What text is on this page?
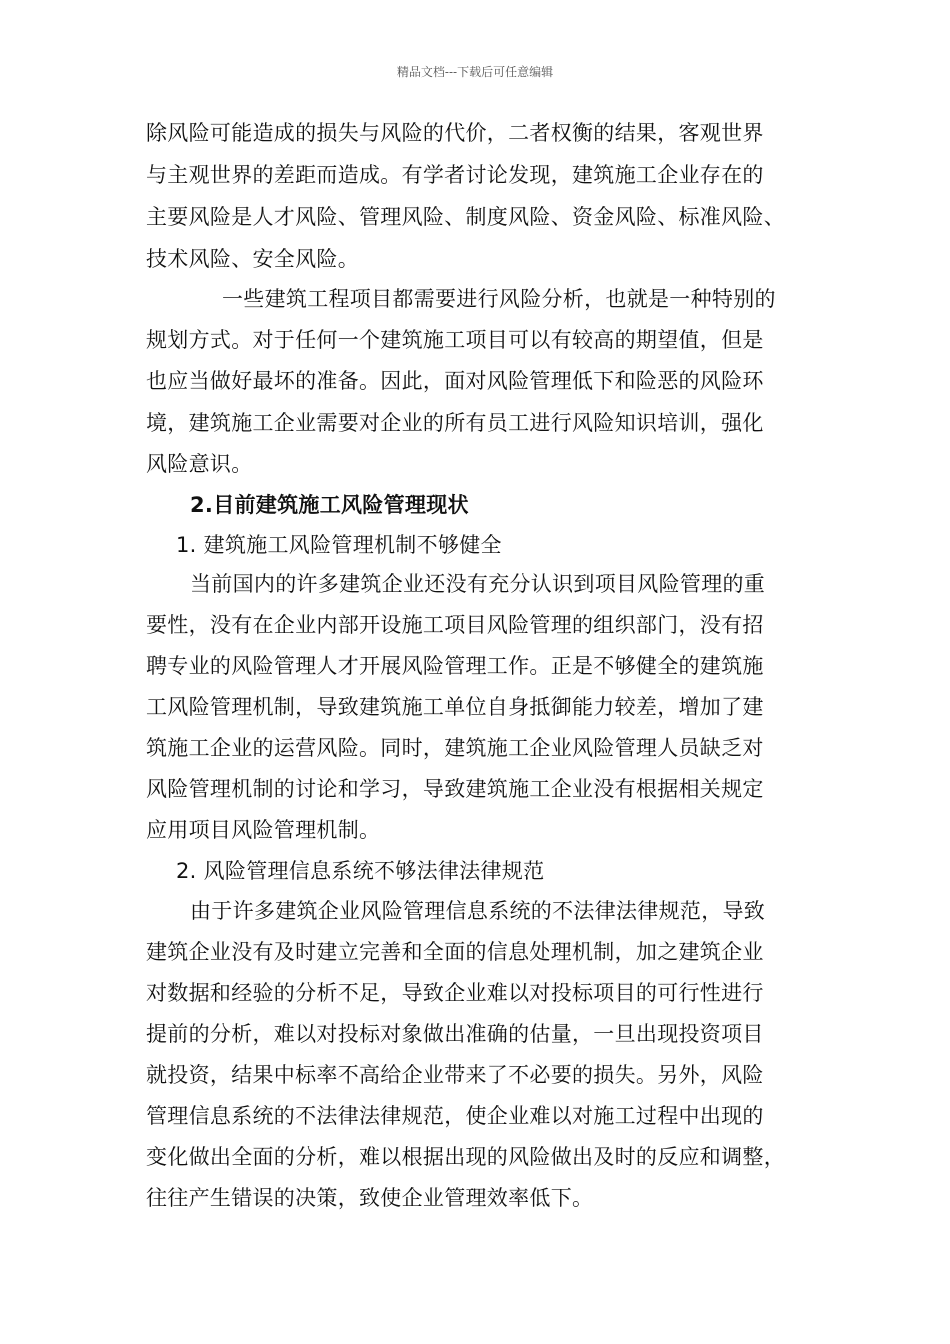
精品文档---下载后可任意编辑
除风险可能造成的损失与风险的代价，二者权衡的结果，客观世界
与主观世界的差距而造成。有学者讨论发现，建筑施工企业存在的
主要风险是人才风险、管理风险、制度风险、资金风险、标准风险、
技术风险、安全风险。
一些建筑工程项目都需要进行风险分析，也就是一种特别的
规划方式。对于任何一个建筑施工项目可以有较高的期望值，但是
也应当做好最坏的准备。因此，面对风险管理低下和险恶的风险环
境，建筑施工企业需要对企业的所有员工进行风险知识培训，强化
风险意识。
2.目前建筑施工风险管理现状
1. 建筑施工风险管理机制不够健全
当前国内的许多建筑企业还没有充分认识到项目风险管理的重
要性，没有在企业内部开设施工项目风险管理的组织部门，没有招
聘专业的风险管理人才开展风险管理工作。正是不够健全的建筑施
工风险管理机制，导致建筑施工单位自身抵御能力较差，增加了建
筑施工企业的运营风险。同时，建筑施工企业风险管理人员缺乏对
风险管理机制的讨论和学习，导致建筑施工企业没有根据相关规定
应用项目风险管理机制。
2. 风险管理信息系统不够法律法律规范
由于许多建筑企业风险管理信息系统的不法律法律规范，导致
建筑企业没有及时建立完善和全面的信息处理机制，加之建筑企业
对数据和经验的分析不足，导致企业难以对投标项目的可行性进行
提前的分析，难以对投标对象做出准确的估量，一旦出现投资项目
就投资，结果中标率不高给企业带来了不必要的损失。另外，风险
管理信息系统的不法律法律规范，使企业难以对施工过程中出现的
变化做出全面的分析，难以根据出现的风险做出及时的反应和调整，
往往产生错误的决策，致使企业管理效率低下。
